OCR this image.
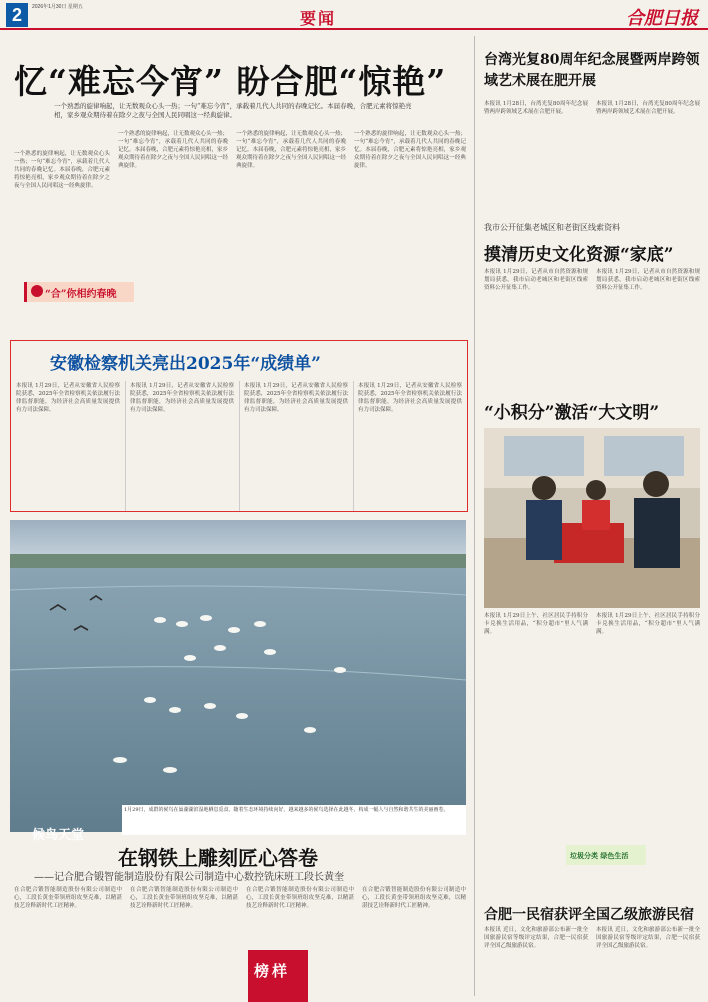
2	2026年1月30日 星期五
要闻	合肥日报
忆“难忘今宵” 盼合肥“惊艳”
一个熟悉的旋律响起，让无数观众心头一热；一句“难忘今宵”，承载着几代人共同的春晚记忆。本届春晚，合肥元素将惊艳亮相，家乡观众期待着在除夕之夜与全国人民同唱这一经典旋律。
“合”你相约春晚
一个熟悉的旋律响起，让无数观众心头一热；一句“难忘今宵”，承载着几代人共同的春晚记忆。本届春晚，合肥元素将惊艳亮相，家乡观众期待着在除夕之夜与全国人民同唱这一经典旋律。
一个熟悉的旋律响起，让无数观众心头一热；一句“难忘今宵”，承载着几代人共同的春晚记忆。本届春晚，合肥元素将惊艳亮相，家乡观众期待着在除夕之夜与全国人民同唱这一经典旋律。
一个熟悉的旋律响起，让无数观众心头一热；一句“难忘今宵”，承载着几代人共同的春晚记忆。本届春晚，合肥元素将惊艳亮相，家乡观众期待着在除夕之夜与全国人民同唱这一经典旋律。
一个熟悉的旋律响起，让无数观众心头一热；一句“难忘今宵”，承载着几代人共同的春晚记忆。本届春晚，合肥元素将惊艳亮相，家乡观众期待着在除夕之夜与全国人民同唱这一经典旋律。
安徽检察机关亮出2025年“成绩单”
本报讯 1月29日，记者从安徽省人民检察院获悉，2025年全省检察机关依法履行法律监督职能，为经济社会高质量发展提供有力司法保障。
本报讯 1月29日，记者从安徽省人民检察院获悉，2025年全省检察机关依法履行法律监督职能，为经济社会高质量发展提供有力司法保障。
本报讯 1月29日，记者从安徽省人民检察院获悉，2025年全省检察机关依法履行法律监督职能，为经济社会高质量发展提供有力司法保障。
本报讯 1月29日，记者从安徽省人民检察院获悉，2025年全省检察机关依法履行法律监督职能，为经济社会高质量发展提供有力司法保障。
候鸟天堂
1月29日，成群的候鸟在巢湖湖滨湿地栖息觅食。随着生态环境持续向好，越来越多的候鸟选择在此越冬，构成一幅人与自然和谐共生的美丽画卷。
在钢铁上雕刻匠心答卷
——记合肥合锻智能制造股份有限公司制造中心数控铣床班工段长黄奎
在合肥合锻智能制造股份有限公司制造中心，工段长黄奎带领班组攻坚克难，以精湛技艺诠释新时代工匠精神。
在合肥合锻智能制造股份有限公司制造中心，工段长黄奎带领班组攻坚克难，以精湛技艺诠释新时代工匠精神。
在合肥合锻智能制造股份有限公司制造中心，工段长黄奎带领班组攻坚克难，以精湛技艺诠释新时代工匠精神。
在合肥合锻智能制造股份有限公司制造中心，工段长黄奎带领班组攻坚克难，以精湛技艺诠释新时代工匠精神。
榜样
台湾光复80周年纪念展暨两岸跨领域艺术展在肥开展
本报讯 1月28日，台湾光复80周年纪念展暨两岸跨领域艺术展在合肥开展。
本报讯 1月28日，台湾光复80周年纪念展暨两岸跨领域艺术展在合肥开展。
我市公开征集老城区和老街区线索资料
摸清历史文化资源“家底”
本报讯 1月29日，记者从市自然资源和规划局获悉，我市启动老城区和老街区线索资料公开征集工作。
本报讯 1月29日，记者从市自然资源和规划局获悉，我市启动老城区和老街区线索资料公开征集工作。
“小积分”激活“大文明”
本报讯 1月29日上午，社区居民手持积分卡兑换生活用品，“积分超市”里人气满满。
本报讯 1月29日上午，社区居民手持积分卡兑换生活用品，“积分超市”里人气满满。
垃圾分类 绿色生活
合肥一民宿获评全国乙级旅游民宿
本报讯 近日，文化和旅游部公布新一批全国旅游民宿等级评定结果，合肥一民宿获评全国乙级旅游民宿。
本报讯 近日，文化和旅游部公布新一批全国旅游民宿等级评定结果，合肥一民宿获评全国乙级旅游民宿。
